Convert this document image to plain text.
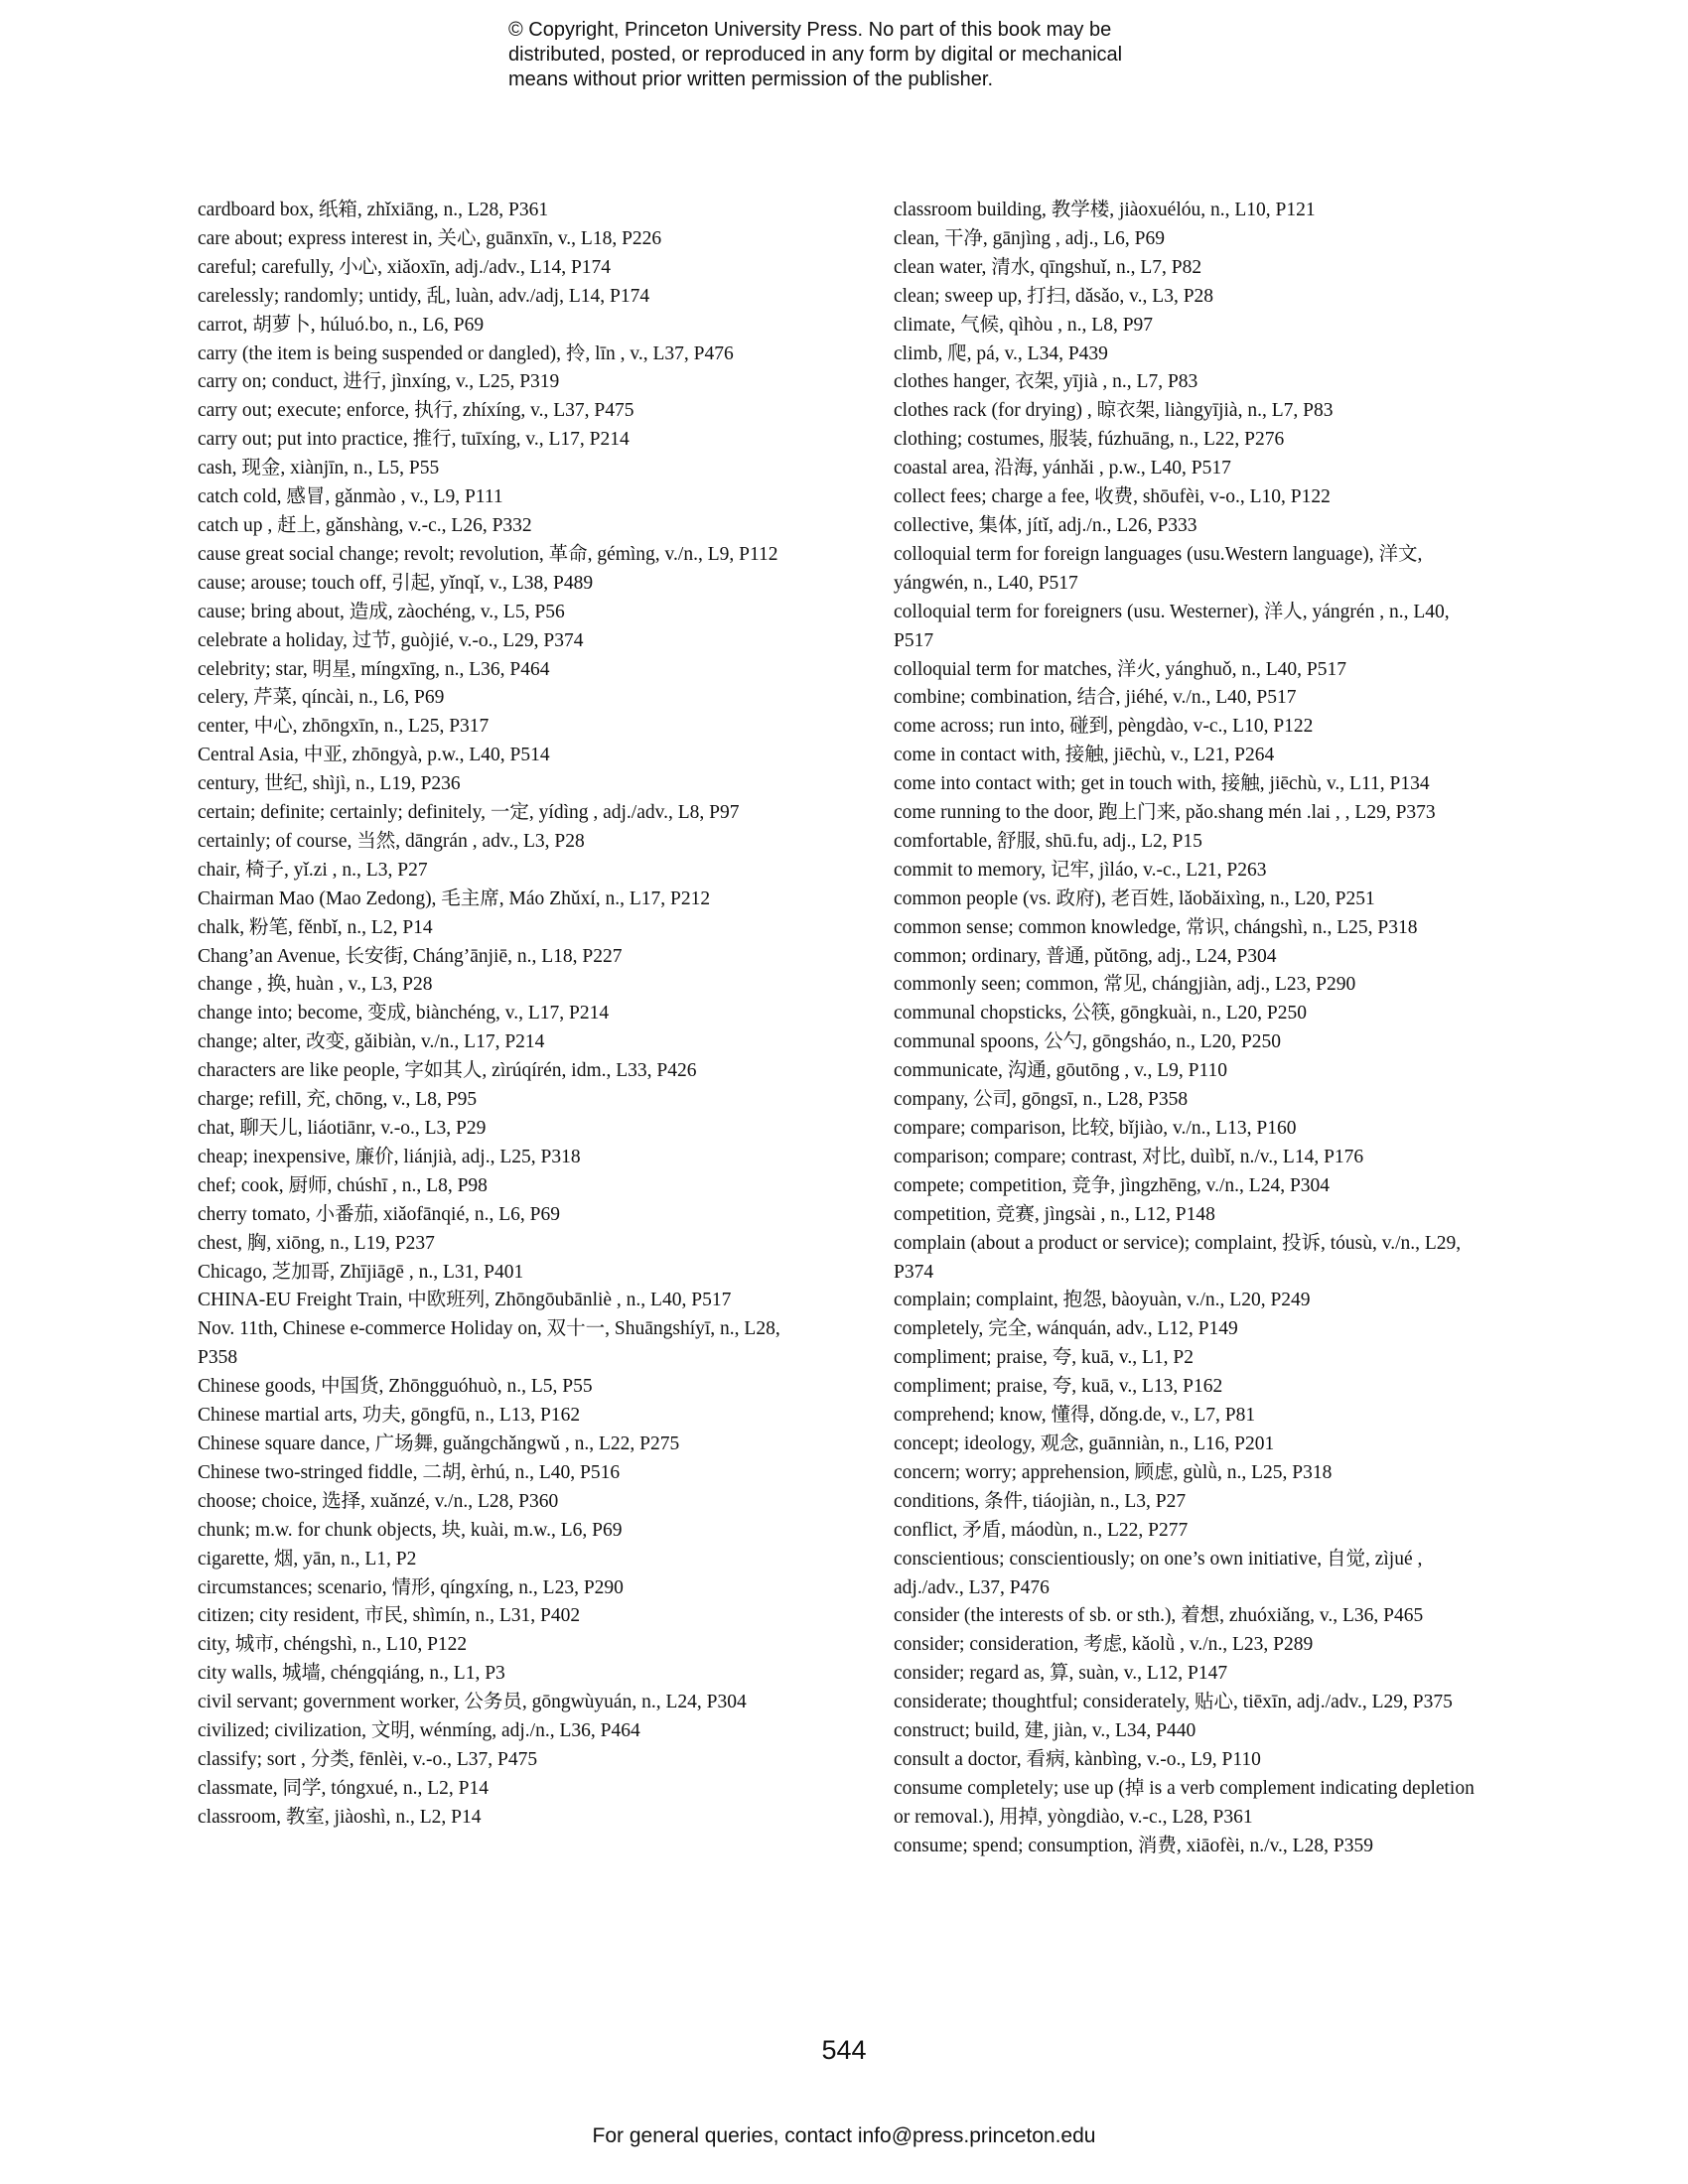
© Copyright, Princeton University Press. No part of this book may be
distributed, posted, or reproduced in any form by digital or mechanical
means without prior written permission of the publisher.

cardboard box, 纸箱, zhǐxiāng, n., L28, P361

care about; express interest in, 关心, guānxīn, v., L18, P226

careful; carefully, 小心, xiǎoxīn, adj./adv., L14, P174

carelessly; randomly; untidy, 乱, luàn, adv./adj, L14, P174

carrot, 胡萝卜, húluó.bo, n., L6, P69

carry (the item is being suspended or dangled), 拎, līn , v., L37, P476

carry on; conduct, 进行, jìnxíng, v., L25, P319

carry out; execute; enforce, 执行, zhíxíng, v., L37, P475

carry out; put into practice, 推行, tuīxíng, v., L17, P214

cash, 现金, xiànjīn, n., L5, P55

catch cold, 感冒, gǎnmào , v., L9, P111

catch up , 赶上, gǎnshàng, v.-c., L26, P332

cause great social change; revolt; revolution, 革命, gémìng, v./n., L9, P112

cause; arouse; touch off, 引起, yǐnqǐ, v., L38, P489

cause; bring about, 造成, zàochéng, v., L5, P56

celebrate a holiday, 过节, guòjié, v.-o., L29, P374

celebrity; star, 明星, míngxīng, n., L36, P464

celery, 芹菜, qíncài, n., L6, P69

center, 中心, zhōngxīn, n., L25, P317

Central Asia, 中亚, zhōngyà, p.w., L40, P514

century, 世纪, shìjì, n., L19, P236

certain; definite; certainly; definitely, 一定, yídìng , adj./adv., L8, P97

certainly; of course, 当然, dāngrán , adv., L3, P28

chair, 椅子, yǐ.zi , n., L3, P27

Chairman Mao (Mao Zedong), 毛主席, Máo Zhǔxí, n., L17, P212

chalk, 粉笔, fěnbǐ, n., L2, P14

Chang’an Avenue, 长安街, Cháng’ānjiē, n., L18, P227

change , 换, huàn , v., L3, P28

change into; become, 变成, biànchéng, v., L17, P214

change; alter, 改变, gǎibiàn, v./n., L17, P214

characters are like people, 字如其人, zìrúqírén, idm., L33, P426

charge; refill, 充, chōng, v., L8, P95

chat, 聊天儿, liáotiānr, v.-o., L3, P29

cheap; inexpensive, 廉价, liánjià, adj., L25, P318

chef; cook, 厨师, chúshī , n., L8, P98

cherry tomato, 小番茄, xiǎofānqié, n., L6, P69

chest, 胸, xiōng, n., L19, P237

Chicago, 芝加哥, Zhījiāgē , n., L31, P401

CHINA-EU Freight Train, 中欧班列, Zhōngōubānliè , n., L40, P517

Nov. 11th, Chinese e-commerce Holiday on, 双十一, Shuāngshíyī, n., L28, P358

Chinese goods, 中国货, Zhōngguóhuò, n., L5, P55

Chinese martial arts, 功夫, gōngfū, n., L13, P162

Chinese square dance, 广场舞, guǎngchǎngwǔ , n., L22, P275

Chinese two-stringed fiddle, 二胡, èrhú, n., L40, P516

choose; choice, 选择, xuǎnzé, v./n., L28, P360

chunk; m.w. for chunk objects, 块, kuài, m.w., L6, P69

cigarette, 烟, yān, n., L1, P2

circumstances; scenario, 情形, qíngxíng, n., L23, P290

citizen; city resident, 市民, shìmín, n., L31, P402

city, 城市, chéngshì, n., L10, P122

city walls, 城墙, chéngqiáng, n., L1, P3

civil servant; government worker, 公务员, gōngwùyuán, n., L24, P304

civilized; civilization, 文明, wénmíng, adj./n., L36, P464

classify; sort , 分类, fēnlèi, v.-o., L37, P475

classmate, 同学, tóngxué, n., L2, P14

classroom, 教室, jiàoshì, n., L2, P14

classroom building, 教学楼, jiàoxuélóu, n., L10, P121

clean, 干净, gānjìng , adj., L6, P69

clean water, 清水, qīngshuǐ, n., L7, P82

clean; sweep up, 打扫, dǎsǎo, v., L3, P28

climate, 气候, qìhòu , n., L8, P97

climb, 爬, pá, v., L34, P439

clothes hanger, 衣架, yījià , n., L7, P83

clothes rack (for drying) , 晾衣架, liàngyījià, n., L7, P83

clothing; costumes, 服装, fúzhuāng, n., L22, P276

coastal area, 沿海, yánhǎi , p.w., L40, P517

collect fees; charge a fee, 收费, shōufèi, v-o., L10, P122

collective, 集体, jítǐ, adj./n., L26, P333

colloquial term for foreign languages (usu.Western language), 洋文, yángwén, n., L40, P517

colloquial term for foreigners (usu. Westerner), 洋人, yángrén , n., L40, P517

colloquial term for matches, 洋火, yánghuǒ, n., L40, P517

combine; combination, 结合, jiéhé, v./n., L40, P517

come across; run into, 碰到, pèngdào, v-c., L10, P122

come in contact with, 接触, jiēchù, v., L21, P264

come into contact with; get in touch with, 接触, jiēchù, v., L11, P134

come running to the door, 跑上门来, pǎo.shang mén .lai , , L29, P373

comfortable, 舒服, shū.fu, adj., L2, P15

commit to memory, 记牢, jìláo, v.-c., L21, P263

common people (vs. 政府), 老百姓, lǎobǎixìng, n., L20, P251

common sense; common knowledge, 常识, chángshì, n., L25, P318

common; ordinary, 普通, pǔtōng, adj., L24, P304

commonly seen; common, 常见, chángjiàn, adj., L23, P290

communal chopsticks, 公筷, gōngkuài, n., L20, P250

communal spoons, 公勺, gōngsháo, n., L20, P250

communicate, 沟通, gōutōng , v., L9, P110

company, 公司, gōngsī, n., L28, P358

compare; comparison, 比较, bǐjiào, v./n., L13, P160

comparison; compare; contrast, 对比, duìbǐ, n./v., L14, P176

compete; competition, 竞争, jìngzhēng, v./n., L24, P304

competition, 竞赛, jìngsài , n., L12, P148

complain (about a product or service); complaint, 投诉, tóusù, v./n., L29, P374

complain; complaint, 抱怨, bàoyuàn, v./n., L20, P249

completely, 完全, wánquán, adv., L12, P149

compliment; praise, 夸, kuā, v., L1, P2

compliment; praise, 夸, kuā, v., L13, P162

comprehend; know, 懂得, dǒng.de, v., L7, P81

concept; ideology, 观念, guānniàn, n., L16, P201

concern; worry; apprehension, 顾虑, gùlǜ, n., L25, P318

conditions, 条件, tiáojiàn, n., L3, P27

conflict, 矛盾, máodùn, n., L22, P277

conscientious; conscientiously; on one’s own initiative, 自觉, zìjué , adj./adv., L37, P476

consider (the interests of sb. or sth.), 着想, zhuóxiǎng, v., L36, P465

consider; consideration, 考虑, kǎolǜ , v./n., L23, P289

consider; regard as, 算, suàn, v., L12, P147

considerate; thoughtful; considerately, 贴心, tiēxīn, adj./adv., L29, P375

construct; build, 建, jiàn, v., L34, P440

consult a doctor, 看病, kànbìng, v.-o., L9, P110

consume completely; use up (掉 is a verb complement indicating depletion or removal.), 用掉, yòngdiào, v.-c., L28, P361

consume; spend; consumption, 消费, xiāofèi, n./v., L28, P359

544
For general queries, contact info@press.princeton.edu
